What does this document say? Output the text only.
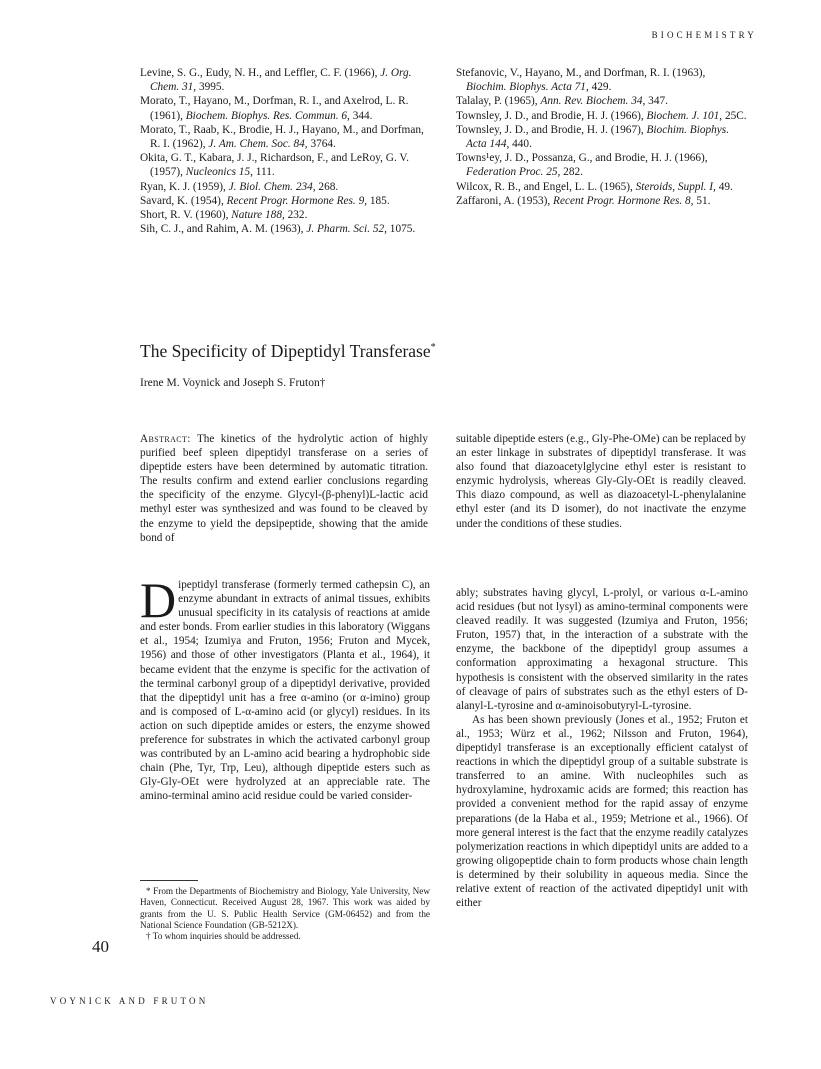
BIOCHEMISTRY

Levine, S. G., Eudy, N. H., and Leffler, C. F. (1966), J. Org. Chem. 31, 3995.

Morato, T., Hayano, M., Dorfman, R. I., and Axelrod, L. R. (1961), Biochem. Biophys. Res. Commun. 6, 344.

Morato, T., Raab, K., Brodie, H. J., Hayano, M., and Dorfman, R. I. (1962), J. Am. Chem. Soc. 84, 3764.

Okita, G. T., Kabara, J. J., Richardson, F., and LeRoy, G. V. (1957), Nucleonics 15, 111.

Ryan, K. J. (1959), J. Biol. Chem. 234, 268.

Savard, K. (1954), Recent Progr. Hormone Res. 9, 185.

Short, R. V. (1960), Nature 188, 232.

Sih, C. J., and Rahim, A. M. (1963), J. Pharm. Sci. 52, 1075.

Stefanovic, V., Hayano, M., and Dorfman, R. I. (1963), Biochim. Biophys. Acta 71, 429.

Talalay, P. (1965), Ann. Rev. Biochem. 34, 347.

Townsley, J. D., and Brodie, H. J. (1966), Biochem. J. 101, 25C.

Townsley, J. D., and Brodie, H. J. (1967), Biochim. Biophys. Acta 144, 440.

Towns¹ey, J. D., Possanza, G., and Brodie, H. J. (1966), Federation Proc. 25, 282.

Wilcox, R. B., and Engel, L. L. (1965), Steroids, Suppl. I, 49.

Zaffaroni, A. (1953), Recent Progr. Hormone Res. 8, 51.

The Specificity of Dipeptidyl Transferase*
Irene M. Voynick and Joseph S. Fruton†
Abstract: The kinetics of the hydrolytic action of highly purified beef spleen dipeptidyl transferase on a series of dipeptide esters have been determined by automatic titration. The results confirm and extend earlier conclusions regarding the specificity of the enzyme. Glycyl-(β-phenyl)L-lactic acid methyl ester was synthesized and was found to be cleaved by the enzyme to yield the depsipeptide, showing that the amide bond of
suitable dipeptide esters (e.g., Gly-Phe-OMe) can be replaced by an ester linkage in substrates of dipeptidyl transferase. It was also found that diazoacetylglycine ethyl ester is resistant to enzymic hydrolysis, whereas Gly-Gly-OEt is readily cleaved. This diazo compound, as well as diazoacetyl-L-phenylalanine ethyl ester (and its D isomer), do not inactivate the enzyme under the conditions of these studies.

Dipeptidyl transferase (formerly termed cathepsin C), an enzyme abundant in extracts of animal tissues, exhibits unusual specificity in its catalysis of reactions at amide and ester bonds. From earlier studies in this laboratory (Wiggans et al., 1954; Izumiya and Fruton, 1956; Fruton and Mycek, 1956) and those of other investigators (Planta et al., 1964), it became evident that the enzyme is specific for the activation of the terminal carbonyl group of a dipeptidyl derivative, provided that the dipeptidyl unit has a free α-amino (or α-imino) group and is composed of L-α-amino acid (or glycyl) residues. In its action on such dipeptide amides or esters, the enzyme showed preference for substrates in which the activated carbonyl group was contributed by an L-amino acid bearing a hydrophobic side chain (Phe, Tyr, Trp, Leu), although dipeptide esters such as Gly-Gly-OEt were hydrolyzed at an appreciable rate. The amino-terminal amino acid residue could be varied consider-

ably; substrates having glycyl, L-prolyl, or various α-L-amino acid residues (but not lysyl) as amino-terminal components were cleaved readily. It was suggested (Izumiya and Fruton, 1956; Fruton, 1957) that, in the interaction of a substrate with the enzyme, the backbone of the dipeptidyl group assumes a conformation approximating a hexagonal structure. This hypothesis is consistent with the observed similarity in the rates of cleavage of pairs of substrates such as the ethyl esters of D-alanyl-L-tyrosine and α-aminoisobutyryl-L-tyrosine.

As has been shown previously (Jones et al., 1952; Fruton et al., 1953; Würz et al., 1962; Nilsson and Fruton, 1964), dipeptidyl transferase is an exceptionally efficient catalyst of reactions in which the dipeptidyl group of a suitable substrate is transferred to an amine. With nucleophiles such as hydroxylamine, hydroxamic acids are formed; this reaction has provided a convenient method for the rapid assay of enzyme preparations (de la Haba et al., 1959; Metrione et al., 1966). Of more general interest is the fact that the enzyme readily catalyzes polymerization reactions in which dipeptidyl units are added to a growing oligopeptide chain to form products whose chain length is determined by their solubility in aqueous media. Since the relative extent of reaction of the activated dipeptidyl unit with either

* From the Departments of Biochemistry and Biology, Yale University, New Haven, Connecticut. Received August 28, 1967. This work was aided by grants from the U. S. Public Health Service (GM-06452) and from the National Science Foundation (GB-5212X).

† To whom inquiries should be addressed.

40
VOYNICK AND FRUTON
